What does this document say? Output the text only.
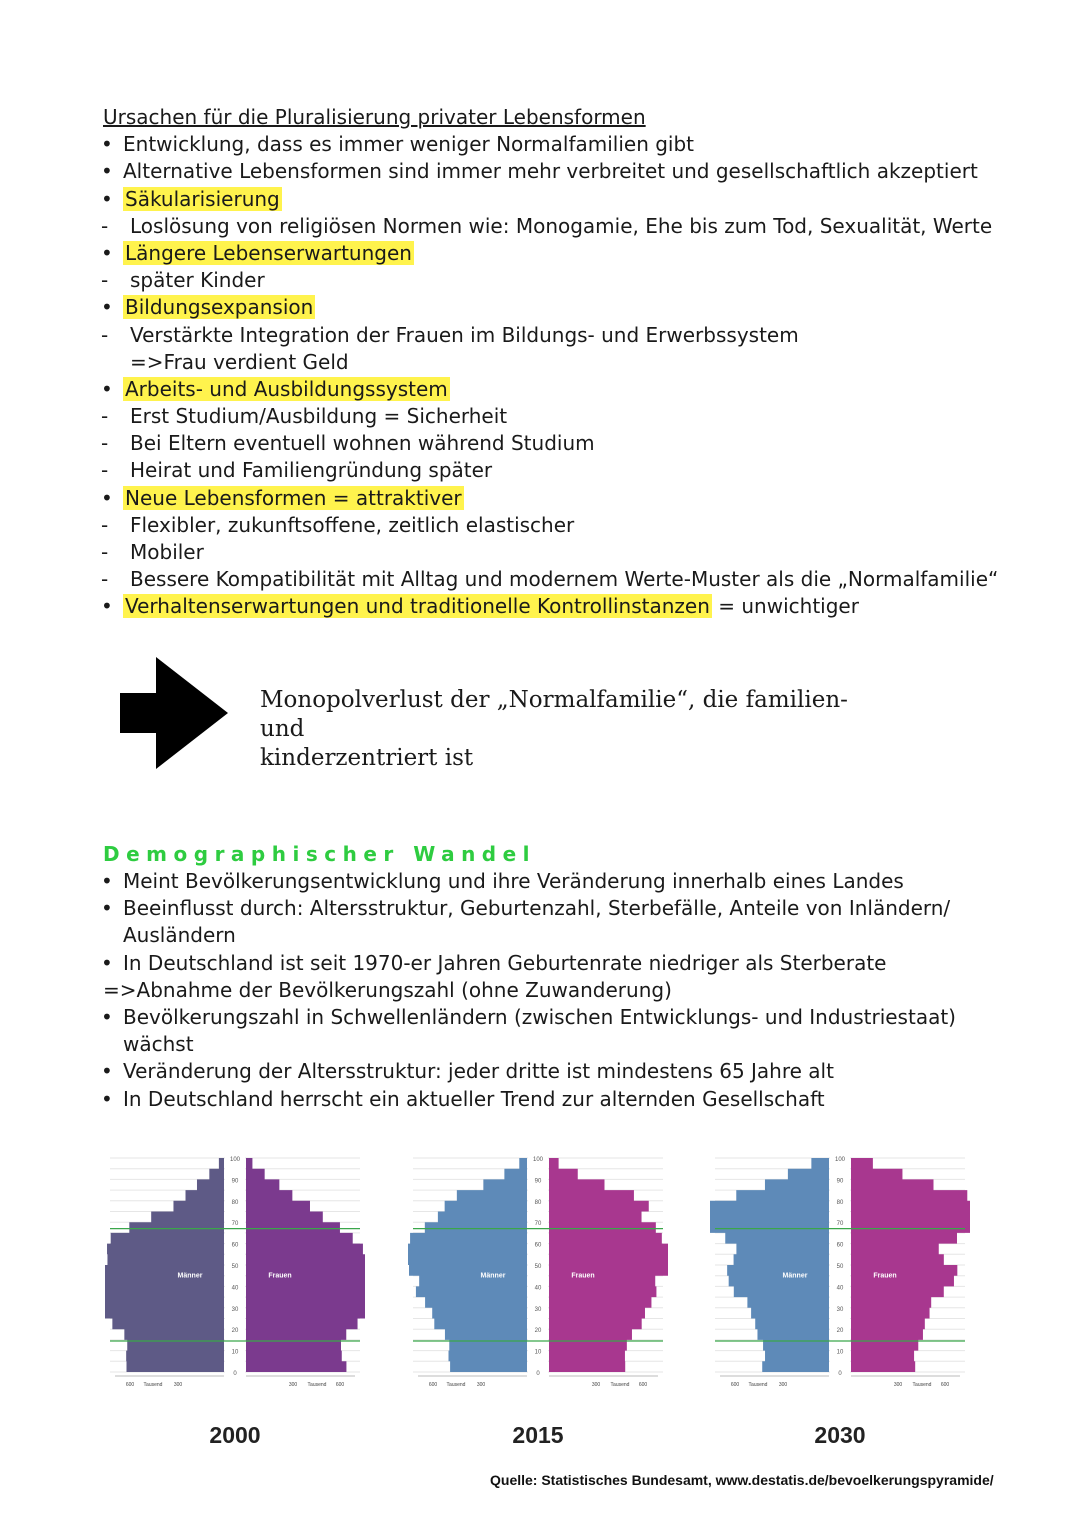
Ursachen für die Pluralisierung privater Lebensformen
• Entwicklung, dass es immer weniger Normalfamilien gibt
• Alternative Lebensformen sind immer mehr verbreitet und gesellschaftlich akzeptiert
• Säkularisierung
- Loslösung von religiösen Normen wie: Monogamie, Ehe bis zum Tod, Sexualität, Werte
• Längere Lebenserwartungen
- später Kinder
• Bildungsexpansion
- Verstärkte Integration der Frauen im Bildungs- und Erwerbssystem
=>Frau verdient Geld
• Arbeits- und Ausbildungssystem
- Erst Studium/Ausbildung = Sicherheit
- Bei Eltern eventuell wohnen während Studium
- Heirat und Familiengründung später
• Neue Lebensformen = attraktiver
- Flexibler, zukunftsoffene, zeitlich elastischer
- Mobiler
- Bessere Kompatibilität mit Alltag und modernem Werte-Muster als die „Normalfamilie“
• Verhaltenserwartungen und traditionelle Kontrollinstanzen = unwichtiger
Monopolverlust der „Normalfamilie“, die familien- und
kinderzentriert ist
Demographischer Wandel
• Meint Bevölkerungsentwicklung und ihre Veränderung innerhalb eines Landes
• Beeinflusst durch: Altersstruktur, Geburtenzahl, Sterbefälle, Anteile von Inländern/
Ausländern
• In Deutschland ist seit 1970-er Jahren Geburtenrate niedriger als Sterberate
=>Abnahme der Bevölkerungszahl (ohne Zuwanderung)
• Bevölkerungszahl in Schwellenländern (zwischen Entwicklungs- und Industriestaat)
wächst
• Veränderung der Altersstruktur: jeder dritte ist mindestens 65 Jahre alt
• In Deutschland herrscht ein aktueller Trend zur alternden Gesellschaft
0
10
20
30
40
50
60
70
80
90
100
Männer	Frauen
600 Tausend 300	300 Tausend 600
0
10
20
30
40
50
60
70
80
90
100
Männer	Frauen
600 Tausend 300	300 Tausend 600
0
10
20
30
40
50
60
70
80
90
100
Männer	Frauen
600 Tausend 300	300 Tausend 600
2000	2015	2030
Quelle: Statistisches Bundesamt, www.destatis.de/bevoelkerungspyramide/
